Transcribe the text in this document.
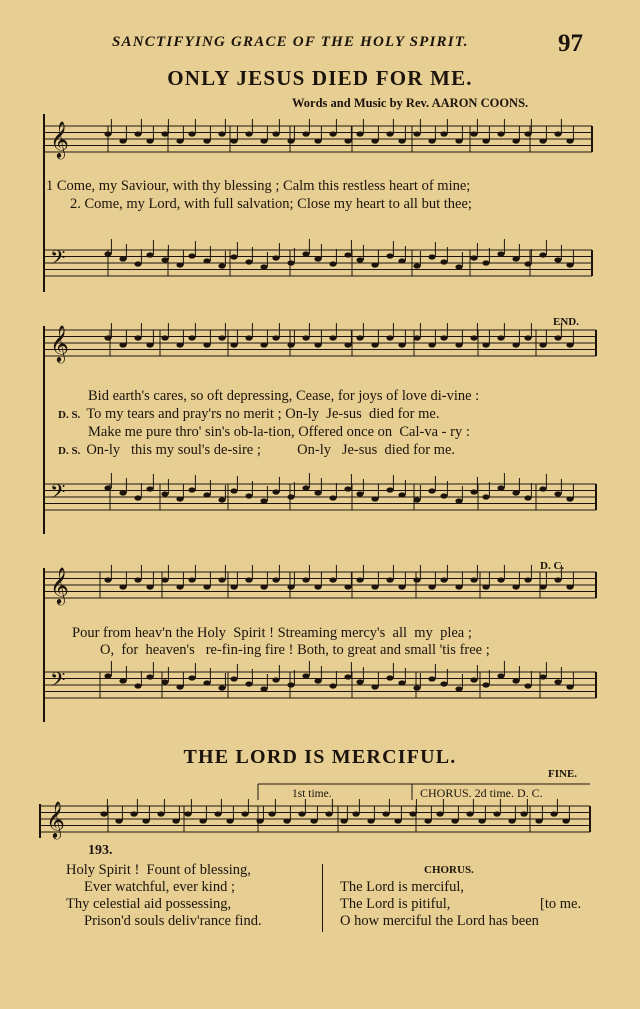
SANCTIFYING GRACE OF THE HOLY SPIRIT.	97
ONLY JESUS DIED FOR ME.
Words and Music by Rev. AARON COONS.
𝄞
𝄢
𝄞
𝄢
𝄞
𝄢
𝄞
1 Come, my Saviour, with thy blessing ; Calm this restless heart of mine;
2. Come, my Lord, with full salvation; Close my heart to all but thee;
END.
Bid earth's cares, so oft depressing, Cease, for joys of love di-vine :
D. S. To my tears and pray'rs no merit ; On-ly  Je-sus  died for me.
Make me pure thro' sin's ob-la-tion, Offered once on  Cal-va - ry :
D. S. On-ly   this my soul's de-sire ;          On-ly   Je-sus  died for me.
D. C.
Pour from heav'n the Holy  Spirit ! Streaming mercy's  all  my  plea ;
O,  for  heaven's   re-fin-ing fire ! Both, to great and small 'tis free ;
THE LORD IS MERCIFUL.
FINE.
1st time.	CHORUS. 2d time. D. C.
193.
Holy Spirit !  Fount of blessing,
Ever watchful, ever kind ;
Thy celestial aid possessing,
Prison'd souls deliv'rance find.
CHORUS.
The Lord is merciful,
The Lord is pitiful,	[to me.
O how merciful the Lord has been
